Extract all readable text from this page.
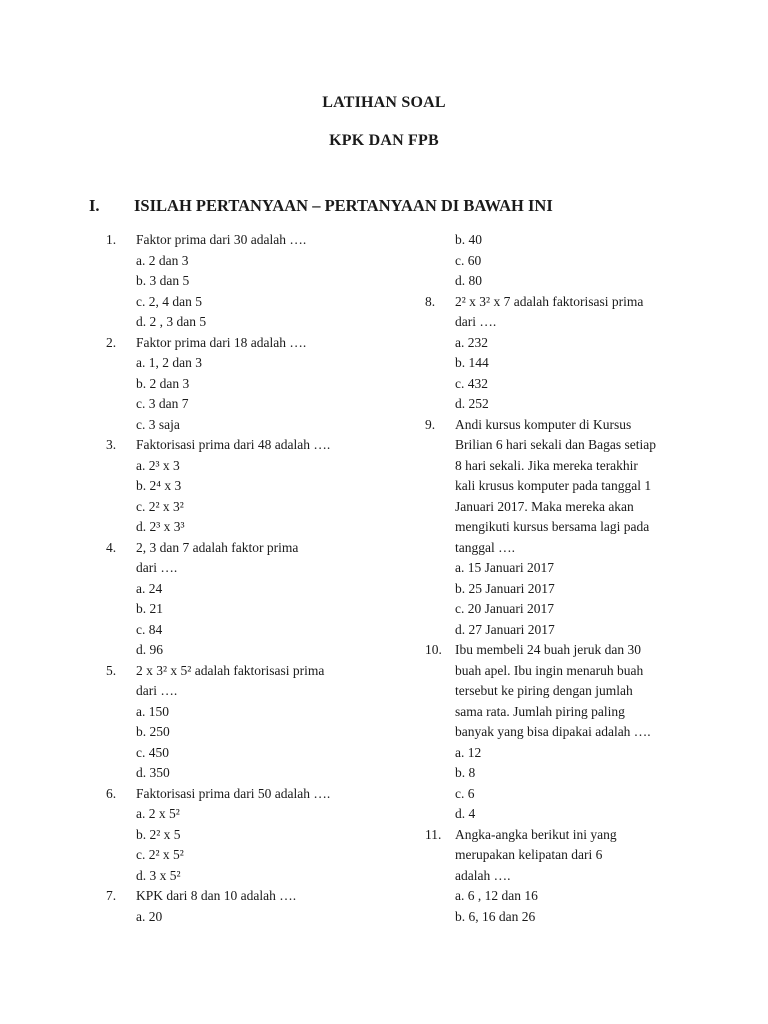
LATIHAN SOAL
KPK DAN FPB
I. ISILAH PERTANYAAN – PERTANYAAN DI BAWAH INI
1.	Faktor prima dari 30 adalah ….
a. 2 dan 3
b. 3 dan 5
c. 2, 4 dan 5
d. 2 , 3 dan 5
2.	Faktor prima dari 18 adalah ….
a. 1, 2 dan 3
b. 2 dan 3
c. 3 dan 7
c. 3 saja
3.	Faktorisasi prima dari 48 adalah ….
a. 2³ x 3
b. 2⁴ x 3
c. 2² x 3²
d. 2³ x 3³
4.	2, 3 dan 7 adalah faktor prima
dari ….
a. 24
b. 21
c. 84
d. 96
5.	2 x 3² x 5² adalah faktorisasi prima
dari ….
a. 150
b. 250
c. 450
d. 350
6.	Faktorisasi prima dari 50 adalah ….
a. 2 x 5²
b. 2² x 5
c. 2² x 5²
d. 3 x 5²
7.	KPK dari 8 dan 10 adalah ….
a. 20
b. 40
c. 60
d. 80
8.	2² x 3² x 7 adalah faktorisasi prima
dari ….
a. 232
b. 144
c. 432
d. 252
9.	Andi kursus komputer di Kursus
Brilian 6 hari sekali dan Bagas setiap
8 hari sekali. Jika mereka terakhir
kali krusus komputer pada tanggal 1
Januari 2017. Maka mereka akan
mengikuti kursus bersama lagi pada
tanggal ….
a. 15 Januari 2017
b. 25 Januari 2017
c. 20 Januari 2017
d. 27 Januari 2017
10. Ibu membeli 24 buah jeruk dan 30
buah apel. Ibu ingin menaruh buah
tersebut ke piring dengan jumlah
sama rata. Jumlah piring paling
banyak yang bisa dipakai adalah ….
a. 12
b. 8
c. 6
d. 4
11.	Angka-angka berikut ini yang
merupakan kelipatan dari 6
adalah ….
a. 6 , 12 dan 16
b. 6, 16 dan 26
